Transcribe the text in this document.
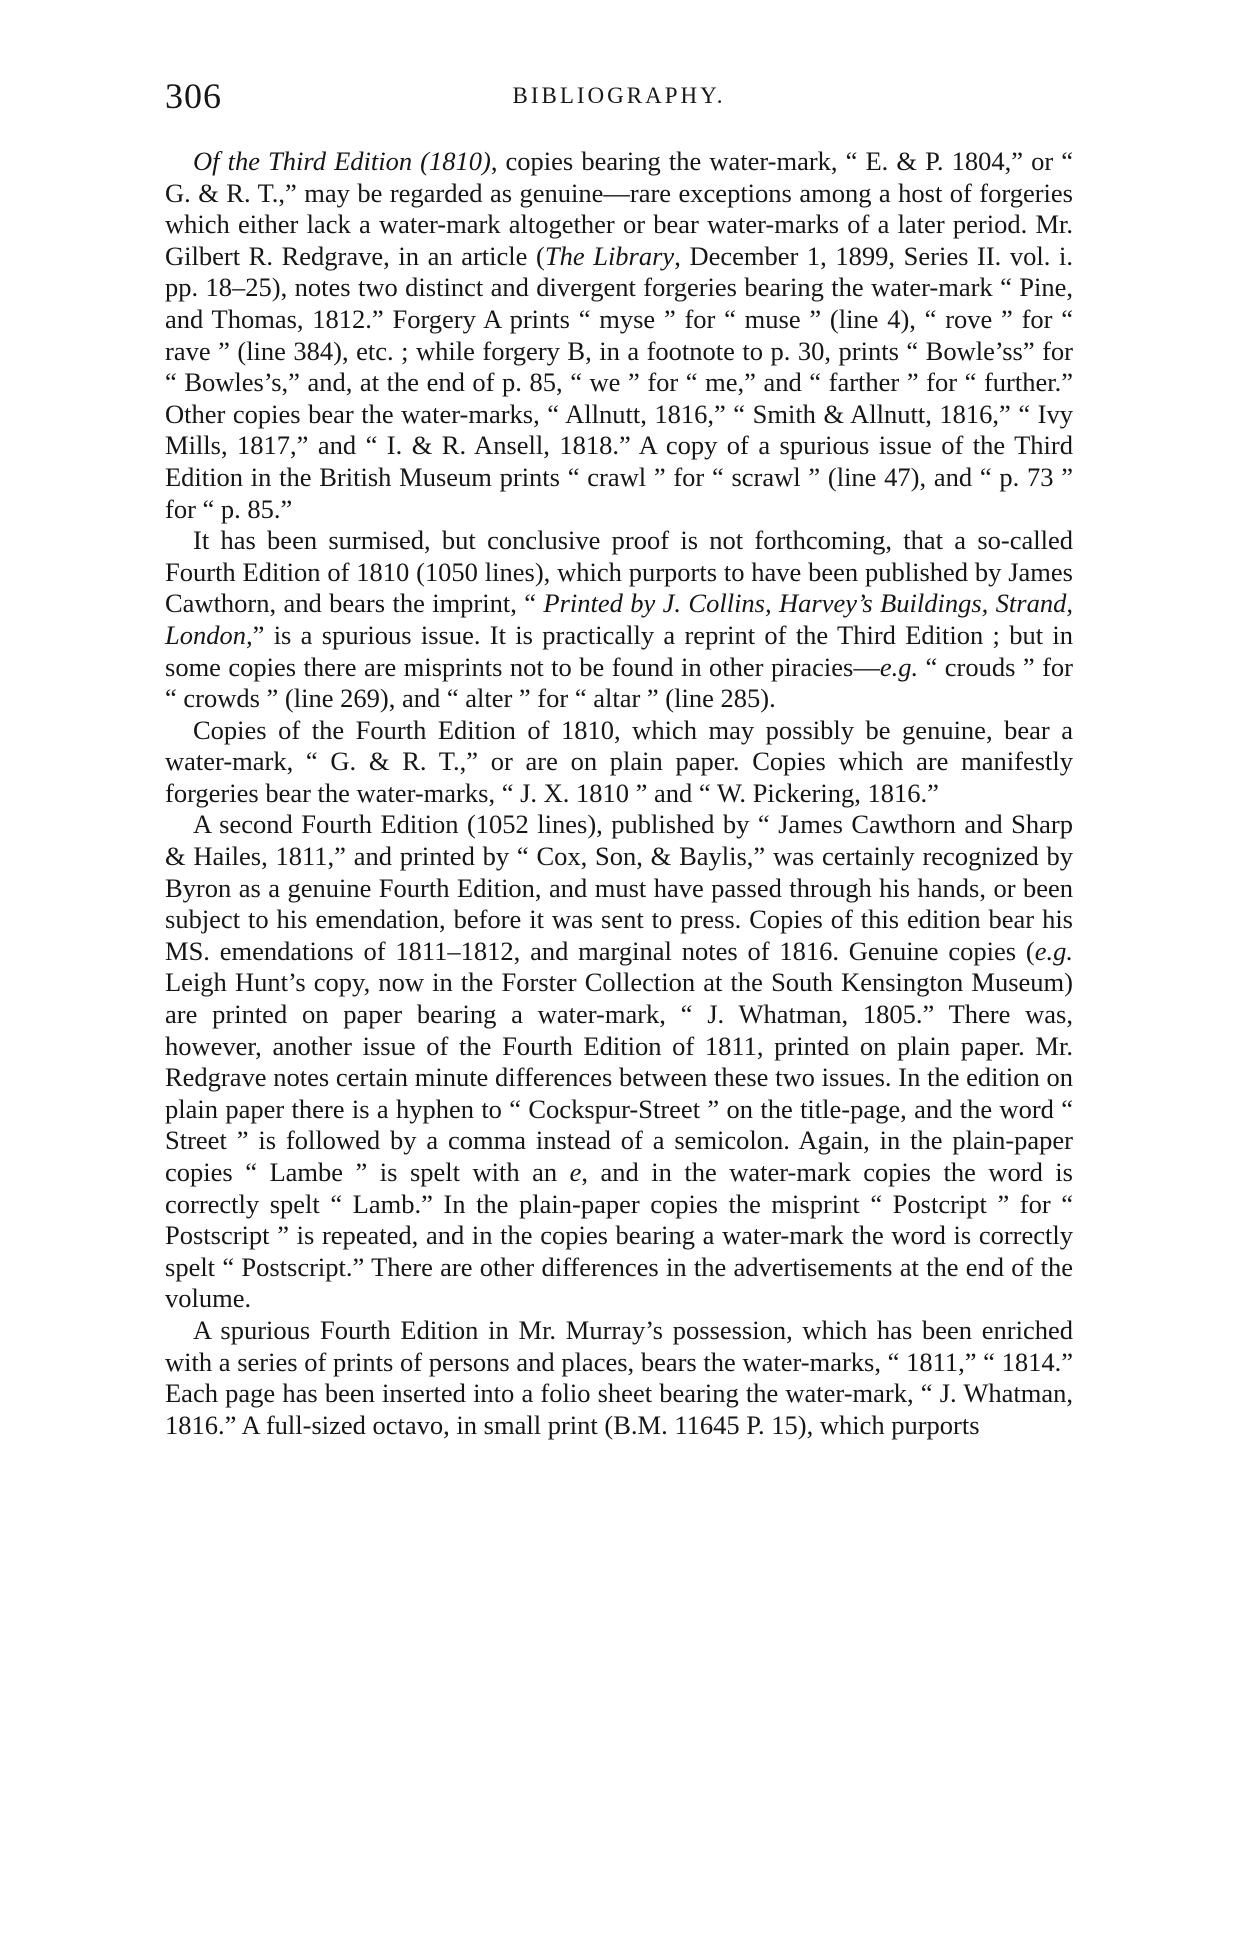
306	BIBLIOGRAPHY.

Of the Third Edition (1810), copies bearing the water-mark, “ E. & P. 1804,” or “ G. & R. T.,” may be regarded as genuine—rare exceptions among a host of forgeries which either lack a water-mark altogether or bear water-marks of a later period. Mr. Gilbert R. Redgrave, in an article (The Library, December 1, 1899, Series II. vol. i. pp. 18–25), notes two distinct and divergent forgeries bearing the water-mark “ Pine, and Thomas, 1812.” Forgery A prints “ myse ” for “ muse ” (line 4), “ rove ” for “ rave ” (line 384), etc. ; while forgery B, in a footnote to p. 30, prints “ Bowle’ss” for “ Bowles’s,” and, at the end of p. 85, “ we ” for “ me,” and “ farther ” for “ further.” Other copies bear the water-marks, “ Allnutt, 1816,” “ Smith & Allnutt, 1816,” “ Ivy Mills, 1817,” and “ I. & R. Ansell, 1818.” A copy of a spurious issue of the Third Edition in the British Museum prints “ crawl ” for “ scrawl ” (line 47), and “ p. 73 ” for “ p. 85.”

It has been surmised, but conclusive proof is not forthcoming, that a so-called Fourth Edition of 1810 (1050 lines), which purports to have been published by James Cawthorn, and bears the imprint, “ Printed by J. Collins, Harvey’s Buildings, Strand, London,” is a spurious issue. It is practically a reprint of the Third Edition ; but in some copies there are misprints not to be found in other piracies—e.g. “ crouds ” for “ crowds ” (line 269), and “ alter ” for “ altar ” (line 285).

Copies of the Fourth Edition of 1810, which may possibly be genuine, bear a water-mark, “ G. & R. T.,” or are on plain paper. Copies which are manifestly forgeries bear the water-marks, “ J. X. 1810 ” and “ W. Pickering, 1816.”

A second Fourth Edition (1052 lines), published by “ James Cawthorn and Sharp & Hailes, 1811,” and printed by “ Cox, Son, & Baylis,” was certainly recognized by Byron as a genuine Fourth Edition, and must have passed through his hands, or been subject to his emendation, before it was sent to press. Copies of this edition bear his MS. emendations of 1811–1812, and marginal notes of 1816. Genuine copies (e.g. Leigh Hunt’s copy, now in the Forster Collection at the South Kensington Museum) are printed on paper bearing a water-mark, “ J. Whatman, 1805.” There was, however, another issue of the Fourth Edition of 1811, printed on plain paper. Mr. Redgrave notes certain minute differences between these two issues. In the edition on plain paper there is a hyphen to “ Cockspur-Street ” on the title-page, and the word “ Street ” is followed by a comma instead of a semicolon. Again, in the plain-paper copies “ Lambe ” is spelt with an e, and in the water-mark copies the word is correctly spelt “ Lamb.” In the plain-paper copies the misprint “ Postcript ” for “ Postscript ” is repeated, and in the copies bearing a water-mark the word is correctly spelt “ Postscript.” There are other differences in the advertisements at the end of the volume.

A spurious Fourth Edition in Mr. Murray’s possession, which has been enriched with a series of prints of persons and places, bears the water-marks, “ 1811,” “ 1814.” Each page has been inserted into a folio sheet bearing the water-mark, “ J. Whatman, 1816.” A full-sized octavo, in small print (B.M. 11645 P. 15), which purports
